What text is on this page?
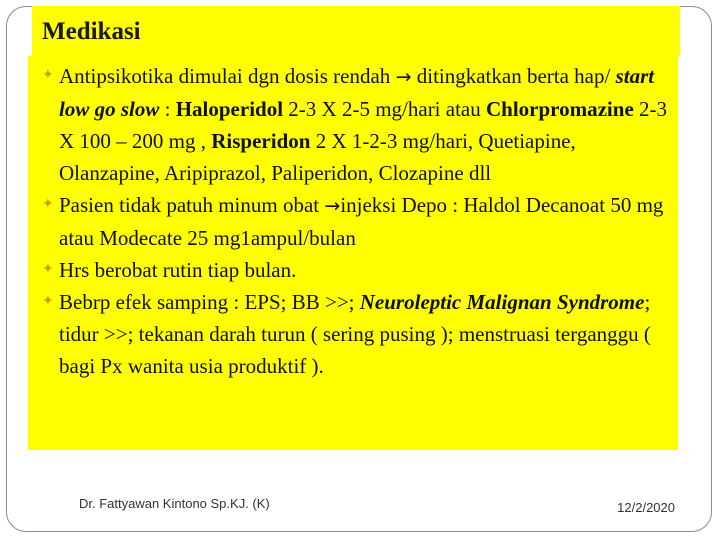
Medikasi
✦ Antipsikotika dimulai dgn dosis rendah → ditingkatkan berta hap/ start low go slow : Haloperidol 2-3 X 2-5 mg/hari atau Chlorpromazine 2-3 X 100 – 200 mg , Risperidon 2 X 1-2-3 mg/hari, Quetiapine, Olanzapine, Aripiprazol, Paliperidon, Clozapine dll
✦ Pasien tidak patuh minum obat →injeksi Depo : Haldol Decanoat 50 mg atau Modecate 25 mg1ampul/bulan
✦ Hrs berobat rutin tiap bulan.
✦ Bebrp efek samping : EPS; BB >>; Neuroleptic Malignan Syndrome; tidur >>; tekanan darah turun ( sering pusing ); menstruasi terganggu ( bagi Px wanita usia produktif ).
Dr. Fattyawan Kintono Sp.KJ. (K)	12/2/2020
